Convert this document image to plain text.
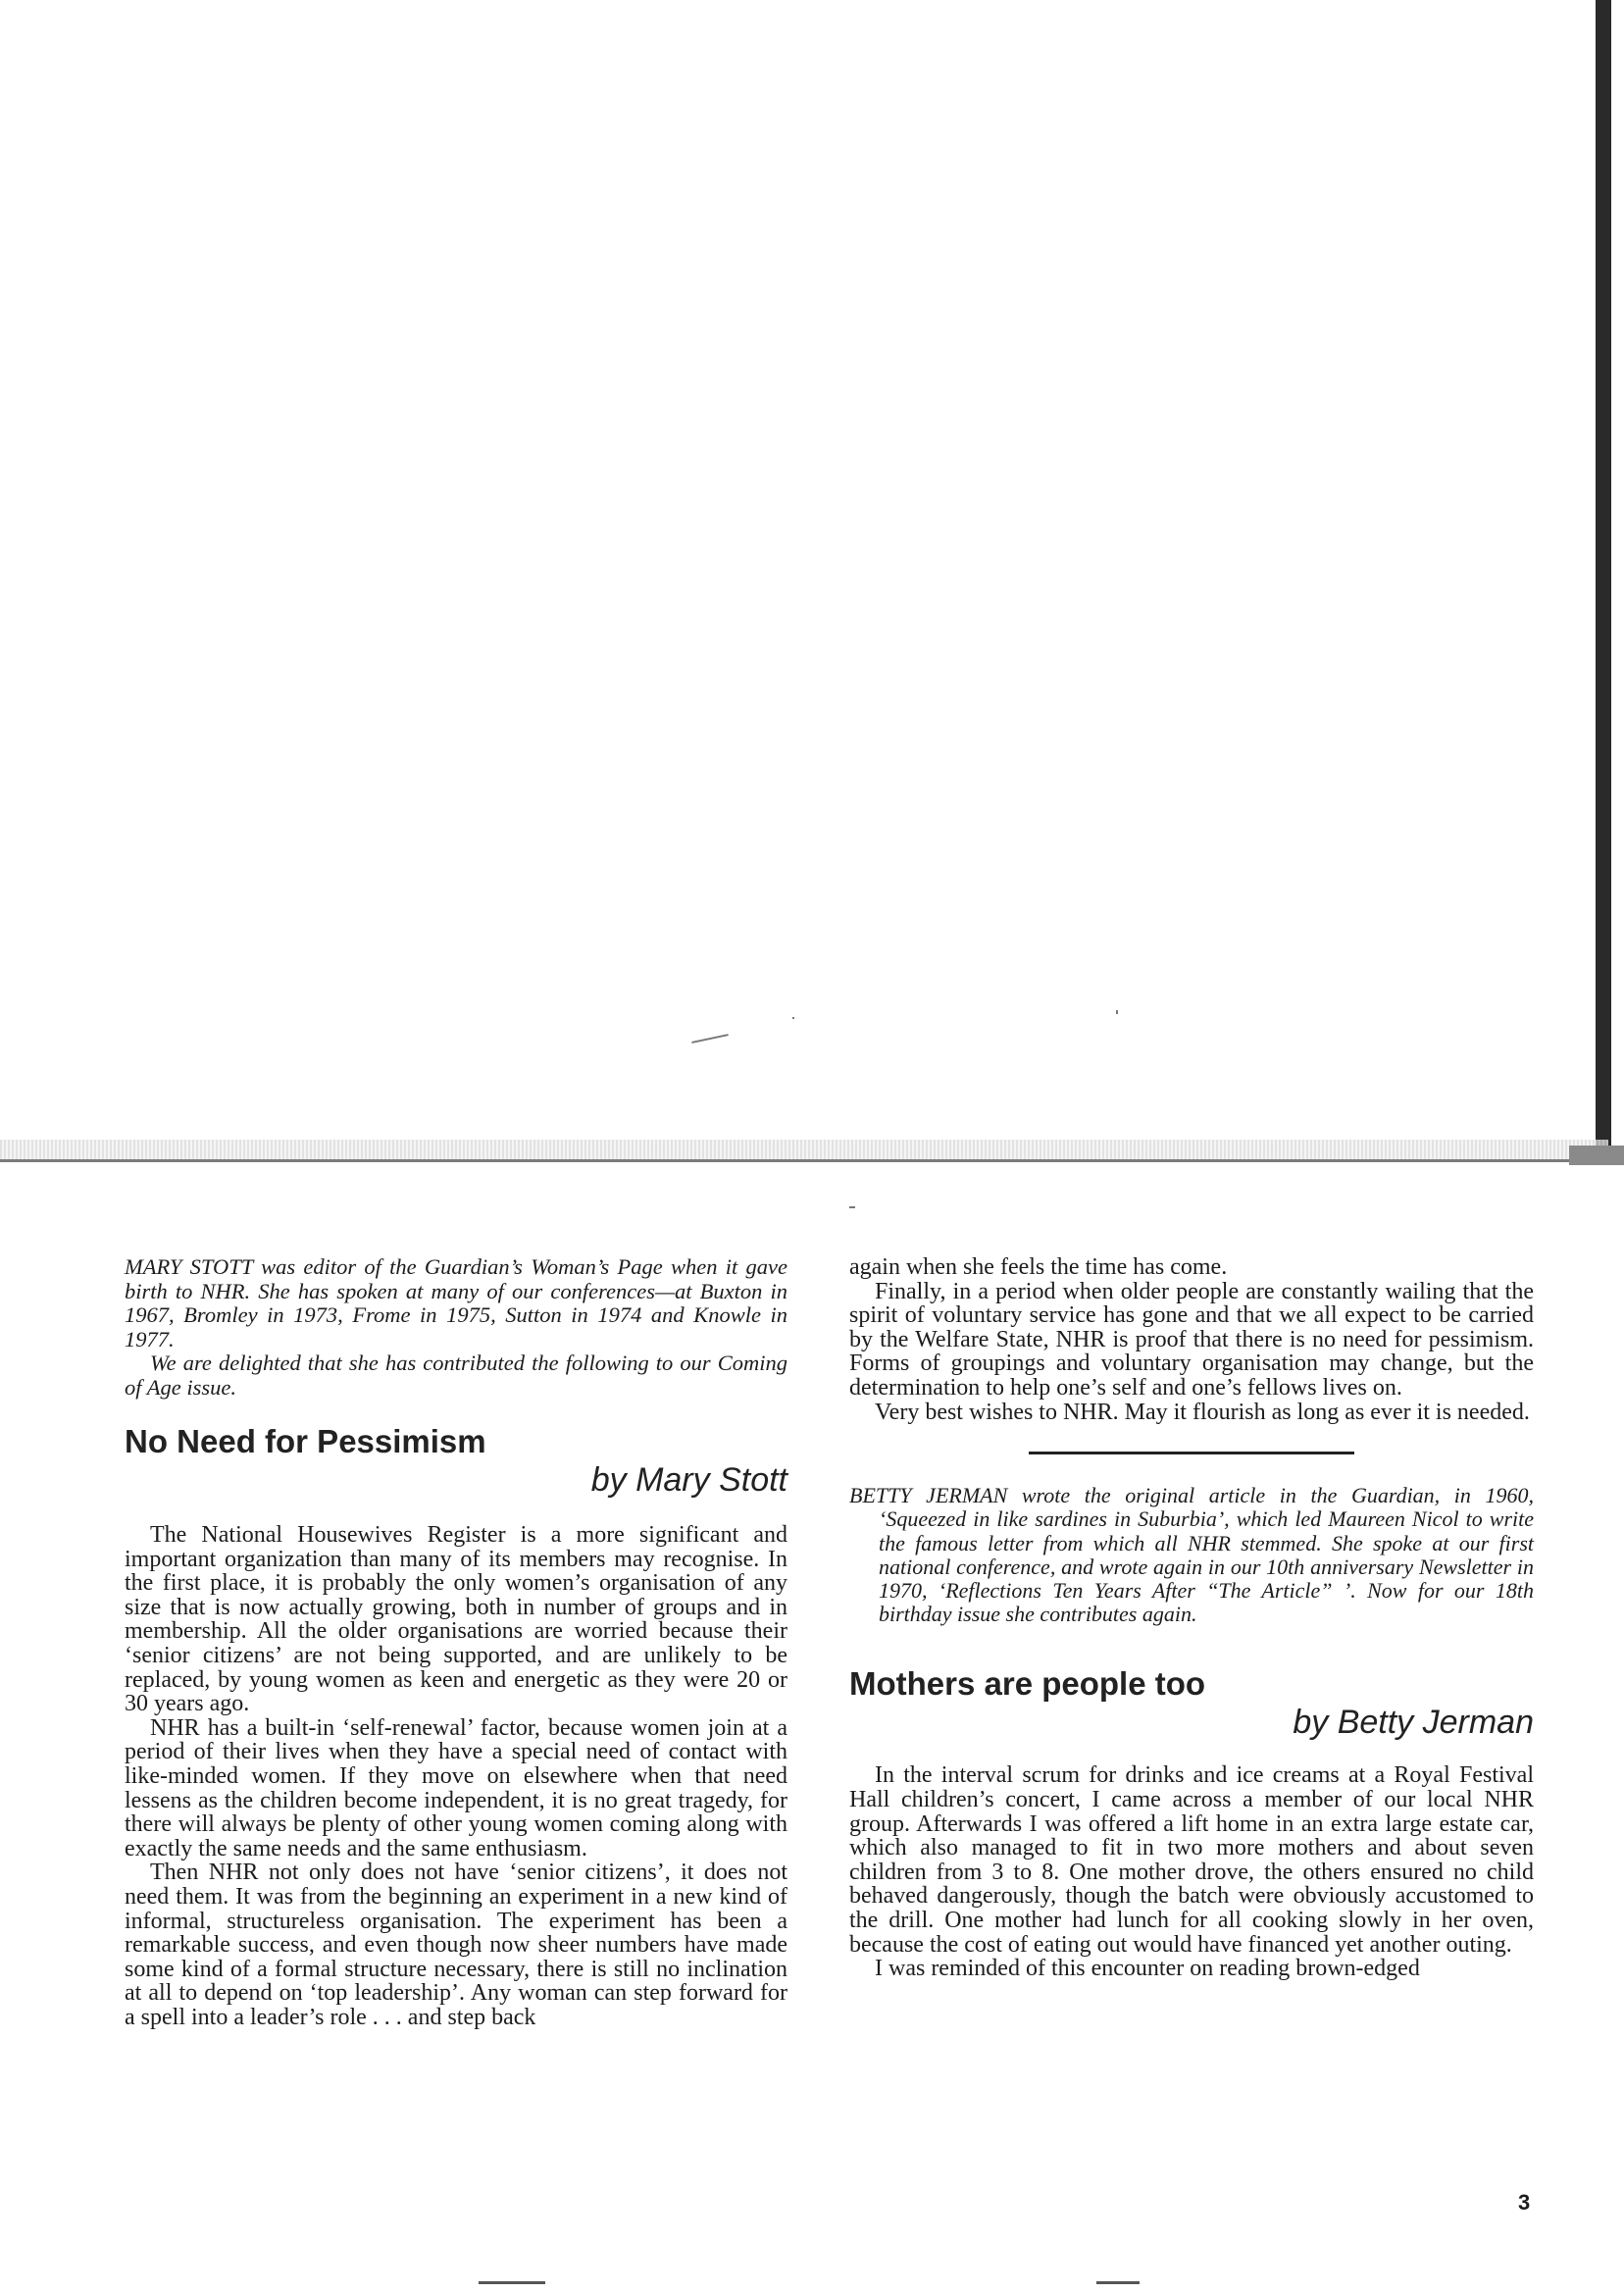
MARY STOTT was editor of the Guardian’s Woman’s Page when it gave birth to NHR. She has spoken at many of our conferences—at Buxton in 1967, Bromley in 1973, Frome in 1975, Sutton in 1974 and Knowle in 1977.

We are delighted that she has contributed the following to our Coming of Age issue.

No Need for Pessimism
by Mary Stott

The National Housewives Register is a more significant and important organization than many of its members may recognise. In the first place, it is probably the only women’s organisation of any size that is now actually growing, both in number of groups and in membership. All the older organisations are worried because their ‘senior citizens’ are not being supported, and are unlikely to be replaced, by young women as keen and energetic as they were 20 or 30 years ago.

NHR has a built-in ‘self-renewal’ factor, because women join at a period of their lives when they have a special need of contact with like-minded women. If they move on elsewhere when that need lessens as the children become independent, it is no great tragedy, for there will always be plenty of other young women coming along with exactly the same needs and the same enthusiasm.

Then NHR not only does not have ‘senior citizens’, it does not need them. It was from the beginning an experiment in a new kind of informal, structureless organisation. The experiment has been a remarkable success, and even though now sheer numbers have made some kind of a formal structure necessary, there is still no inclination at all to depend on ‘top leadership’. Any woman can step forward for a spell into a leader’s role . . . and step back

again when she feels the time has come.

Finally, in a period when older people are constantly wailing that the spirit of voluntary service has gone and that we all expect to be carried by the Welfare State, NHR is proof that there is no need for pessimism. Forms of groupings and voluntary organisation may change, but the determination to help one’s self and one’s fellows lives on.

Very best wishes to NHR. May it flourish as long as ever it is needed.

BETTY JERMAN wrote the original article in the Guardian, in 1960, ‘Squeezed in like sardines in Suburbia’, which led Maureen Nicol to write the famous letter from which all NHR stemmed. She spoke at our first national conference, and wrote again in our 10th anniversary Newsletter in 1970, ‘Reflections Ten Years After “The Article” ’. Now for our 18th birthday issue she contributes again.

Mothers are people too
by Betty Jerman

In the interval scrum for drinks and ice creams at a Royal Festival Hall children’s concert, I came across a member of our local NHR group. Afterwards I was offered a lift home in an extra large estate car, which also managed to fit in two more mothers and about seven children from 3 to 8. One mother drove, the others ensured no child behaved dangerously, though the batch were obviously accustomed to the drill. One mother had lunch for all cooking slowly in her oven, because the cost of eating out would have financed yet another outing.

I was reminded of this encounter on reading brown-edged

3
